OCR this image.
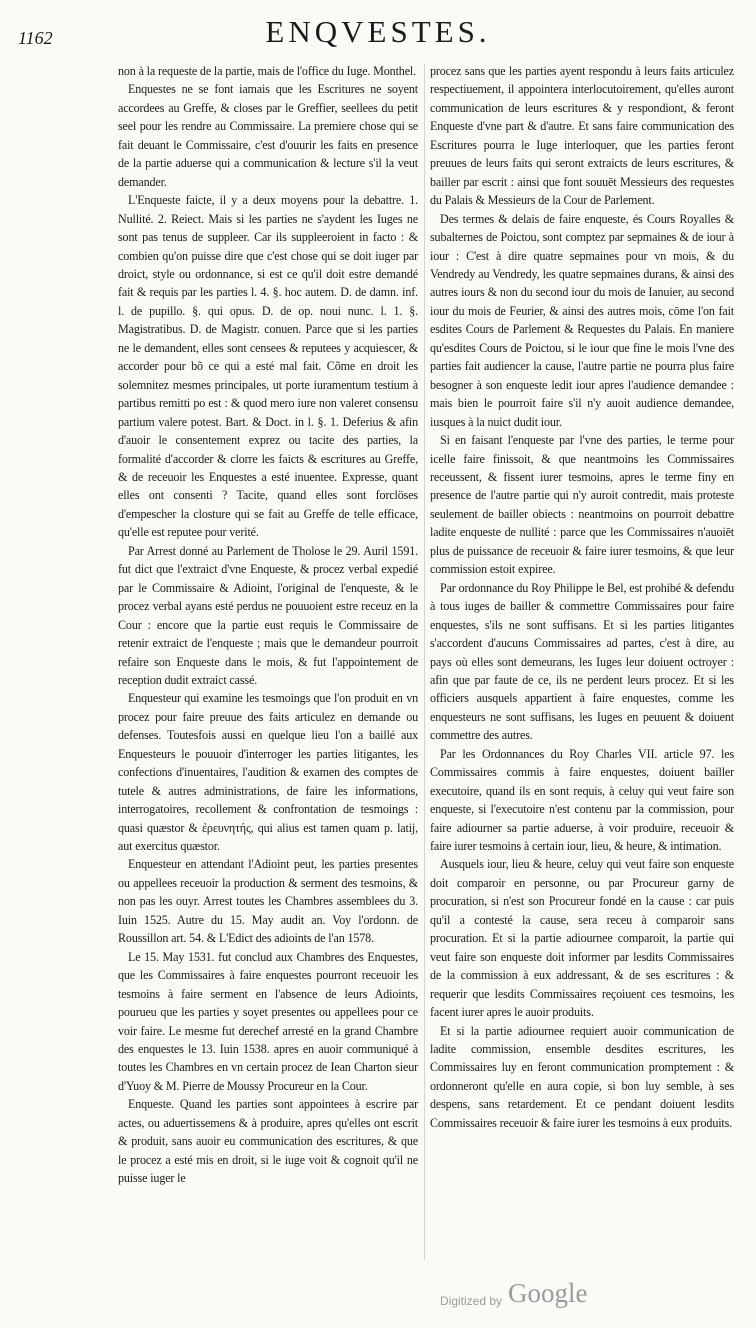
1162	ENQVESTES.

non à la requeste de la partie, mais de l'office du Iuge. Monthel.

Enquestes ne se font iamais que les Escritures ne soyent accordees au Greffe, & closes par le Greffier, seellees du petit seel pour les rendre au Commissaire. La premiere chose qui se fait deuant le Commissaire, c'est d'ouurir les faits en presence de la partie aduerse qui a communication & lecture s'il la veut demander.

L'Enqueste faicte, il y a deux moyens pour la debattre. 1. Nullité. 2. Reiect. Mais si les parties ne s'aydent les Iuges ne sont pas tenus de suppleer. Car ils suppleeroient in facto : & combien qu'on puisse dire que c'est chose qui se doit iuger par droict, style ou ordonnance, si est ce qu'il doit estre demandé fait & requis par les parties l. 4. §. hoc autem. D. de damn. inf. l. de pupillo. §. qui opus. D. de op. noui nunc. l. 1. §. Magistratibus. D. de Magistr. conuen. Parce que si les parties ne le demandent, elles sont censees & reputees y acquiescer, & accorder pour bõ ce qui a esté mal fait. Cõme en droit les solemnitez mesmes principales, ut porte iuramentum testium à partibus remitti po est : & quod mero iure non valeret consensu partium valere potest. Bart. & Doct. in l. §. 1. Deferius & afin d'auoir le consentement exprez ou tacite des parties, la formalité d'accorder & clorre les faicts & escritures au Greffe, & de receuoir les Enquestes a esté inuentee. Expresse, quant elles ont consenti ? Tacite, quand elles sont forclöses d'empescher la closture qui se fait au Greffe de telle efficace, qu'elle est reputee pour verité.

Par Arrest donné au Parlement de Tholose le 29. Auril 1591. fut dict que l'extraict d'vne Enqueste, & procez verbal expedié par le Commissaire & Adioint, l'original de l'enqueste, & le procez verbal ayans esté perdus ne pouuoient estre receuz en la Cour : encore que la partie eust requis le Commissaire de retenir extraict de l'enqueste ; mais que le demandeur pourroit refaire son Enqueste dans le mois, & fut l'appointement de reception dudit extraict cassé.

Enquesteur qui examine les tesmoings que l'on produit en vn procez pour faire preuue des faits articulez en demande ou defenses. Toutesfois aussi en quelque lieu l'on a baillé aux Enquesteurs le pouuoir d'interroger les parties litigantes, les confections d'inuentaires, l'audition & examen des comptes de tutele & autres administrations, de faire les informations, interrogatoires, recollement & confrontation de tesmoings : quasi quæstor & ἐρευνητής, qui alius est tamen quam p. latij, aut exercitus quæstor.

Enquesteur en attendant l'Adioint peut, les parties presentes ou appellees receuoir la production & serment des tesmoins, & non pas les ouyr. Arrest toutes les Chambres assemblees du 3. Iuin 1525. Autre du 15. May audit an. Voy l'ordonn. de Roussillon art. 54. & L'Edict des adioints de l'an 1578.

Le 15. May 1531. fut conclud aux Chambres des Enquestes, que les Commissaires à faire enquestes pourront receuoir les tesmoins à faire serment en l'absence de leurs Adioints, pourueu que les parties y soyet presentes ou appellees pour ce voir faire. Le mesme fut derechef arresté en la grand Chambre des enquestes le 13. Iuin 1538. apres en auoir communiqué à toutes les Chambres en vn certain procez de Iean Charton sieur d'Yuoy & M. Pierre de Moussy Procureur en la Cour.

Enqueste. Quand les parties sont appointees à escrire par actes, ou aduertissemens & à produire, apres qu'elles ont escrit & produit, sans auoir eu communication des escritures, & que le procez a esté mis en droit, si le iuge voit & cognoit qu'il ne puisse iuger le

procez sans que les parties ayent respondu à leurs faits articulez respectiuement, il appointera interlocutoirement, qu'elles auront communication de leurs escritures & y respondiont, & feront Enqueste d'vne part & d'autre. Et sans faire communication des Escritures pourra le Iuge interloquer, que les parties feront preuues de leurs faits qui seront extraicts de leurs escritures, & bailler par escrit : ainsi que font souuēt Messieurs des requestes du Palais & Messieurs de la Cour de Parlement.

Des termes & delais de faire enqueste, és Cours Royalles & subalternes de Poictou, sont comptez par sepmaines & de iour à iour : C'est à dire quatre sepmaines pour vn mois, & du Vendredy au Vendredy, les quatre sepmaines durans, & ainsi des autres iours & non du second iour du mois de Ianuier, au second iour du mois de Feurier, & ainsi des autres mois, cōme l'on fait esdites Cours de Parlement & Requestes du Palais. En maniere qu'esdites Cours de Poictou, si le iour que fine le mois l'vne des parties fait audiencer la cause, l'autre partie ne pourra plus faire besogner à son enqueste ledit iour apres l'audience demandee : mais bien le pourroit faire s'il n'y auoit audience demandee, iusques à la nuict dudit iour.

Si en faisant l'enqueste par l'vne des parties, le terme pour icelle faire finissoit, & que neantmoins les Commissaires receussent, & fissent iurer tesmoins, apres le terme finy en presence de l'autre partie qui n'y auroit contredit, mais proteste seulement de bailler obiects : neantmoins on pourroit debattre ladite enqueste de nullité : parce que les Commissaires n'auoiēt plus de puissance de receuoir & faire iurer tesmoins, & que leur commission estoit expiree.

Par ordonnance du Roy Philippe le Bel, est prohibé & defendu à tous iuges de bailler & commettre Commissaires pour faire enquestes, s'ils ne sont suffisans. Et si les parties litigantes s'accordent d'aucuns Commissaires ad partes, c'est à dire, au pays où elles sont demeurans, les Iuges leur doiuent octroyer : afin que par faute de ce, ils ne perdent leurs procez. Et si les officiers ausquels appartient à faire enquestes, comme les enquesteurs ne sont suffisans, les Iuges en peuuent & doiuent commettre des autres.

Par les Ordonnances du Roy Charles VII. article 97. les Commissaires commis à faire enquestes, doiuent bailler executoire, quand ils en sont requis, à celuy qui veut faire son enqueste, si l'executoire n'est contenu par la commission, pour faire adiourner sa partie aduerse, à voir produire, receuoir & faire iurer tesmoins à certain iour, lieu, & heure, & intimation.

Ausquels iour, lieu & heure, celuy qui veut faire son enqueste doit comparoir en personne, ou par Procureur garny de procuration, si n'est son Procureur fondé en la cause : car puis qu'il a contesté la cause, sera receu à comparoir sans procuration. Et si la partie adiournee comparoit, la partie qui veut faire son enqueste doit informer par lesdits Commissaires de la commission à eux addressant, & de ses escritures : & requerir que lesdits Commissaires reçoiuent ces tesmoins, les facent iurer apres le auoir produits.

Et si la partie adiournee requiert auoir communication de ladite commission, ensemble desdites escritures, les Commissaires luy en feront communication promptement : & ordonneront qu'elle en aura copie, si bon luy semble, à ses despens, sans retardement. Et ce pendant doiuent lesdits Commissaires receuoir & faire iurer les tesmoins à eux produits.

Digitized by Google
